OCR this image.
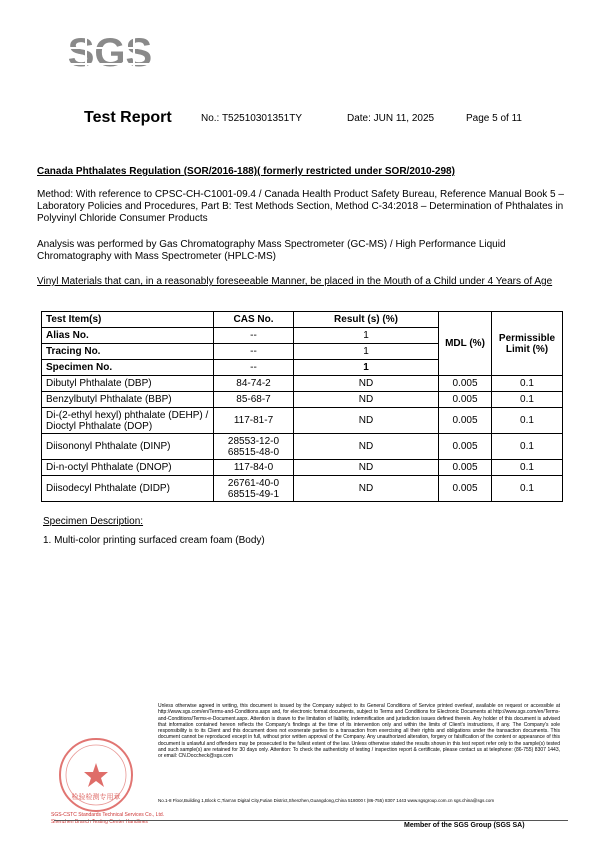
SGS
Test Report	No.: T52510301351TY	Date: JUN 11, 2025	Page 5 of 11
Canada Phthalates Regulation (SOR/2016-188)( formerly restricted under SOR/2010-298)
Method: With reference to CPSC-CH-C1001-09.4 / Canada Health Product Safety Bureau, Reference Manual Book 5 – Laboratory Policies and Procedures, Part B: Test Methods Section, Method C-34:2018 – Determination of Phthalates in Polyvinyl Chloride Consumer Products
Analysis was performed by Gas Chromatography Mass Spectrometer (GC-MS) / High Performance Liquid Chromatography with Mass Spectrometer (HPLC-MS)
Vinyl Materials that can, in a reasonably foreseeable Manner, be placed in the Mouth of a Child under 4 Years of Age
Test Item(s)	CAS No.	Result (s) (%)	MDL (%)	Permissible Limit (%)
Alias No.	--	1		
Tracing No.	--	1		
Specimen No.	--	1		
Dibutyl Phthalate (DBP)	84-74-2	ND	0.005	0.1
Benzylbutyl Phthalate (BBP)	85-68-7	ND	0.005	0.1
Di-(2-ethyl hexyl) phthalate (DEHP) / Dioctyl Phthalate (DOP)	117-81-7	ND	0.005	0.1
Diisononyl Phthalate (DINP)	28553-12-0 68515-48-0	ND	0.005	0.1
Di-n-octyl Phthalate (DNOP)	117-84-0	ND	0.005	0.1
Diisodecyl Phthalate (DIDP)	26761-40-0 68515-49-1	ND	0.005	0.1
Specimen Description:
1. Multi-color printing surfaced cream foam (Body)
检验检测专用章
SGS-CSTC Standards Technical Services Co., Ltd.
Shenzhen Branch Testing Center Handlines
Unless otherwise agreed in writing, this document is issued by the Company subject to its General Conditions of Service printed overleaf, available on request or accessible at http://www.sgs.com/en/Terms-and-Conditions.aspx and, for electronic format documents, subject to Terms and Conditions for Electronic Documents at http://www.sgs.com/en/Terms-and-Conditions/Terms-e-Document.aspx. Attention is drawn to the limitation of liability, indemnification and jurisdiction issues defined therein. Any holder of this document is advised that information contained hereon reflects the Company's findings at the time of its intervention only and within the limits of Client's instructions, if any. The Company's sole responsibility is to its Client and this document does not exonerate parties to a transaction from exercising all their rights and obligations under the transaction documents. This document cannot be reproduced except in full, without prior written approval of the Company. Any unauthorized alteration, forgery or falsification of the content or appearance of this document is unlawful and offenders may be prosecuted to the fullest extent of the law. Unless otherwise stated the results shown in this test report refer only to the sample(s) tested and such sample(s) are retained for 30 days only. Attention: To check the authenticity of testing / inspection report & certificate, please contact us at telephone: (86-755) 8307 1443, or email: CN.Doccheck@sgs.com
No.1-8 Floor,Building 1,Block C,Tian'an Digital City,Futian District,Shenzhen,Guangdong,China 518000 t (86-755) 8307 1443 www.sgsgroup.com.cn sgs.china@sgs.com
Member of the SGS Group (SGS SA)
